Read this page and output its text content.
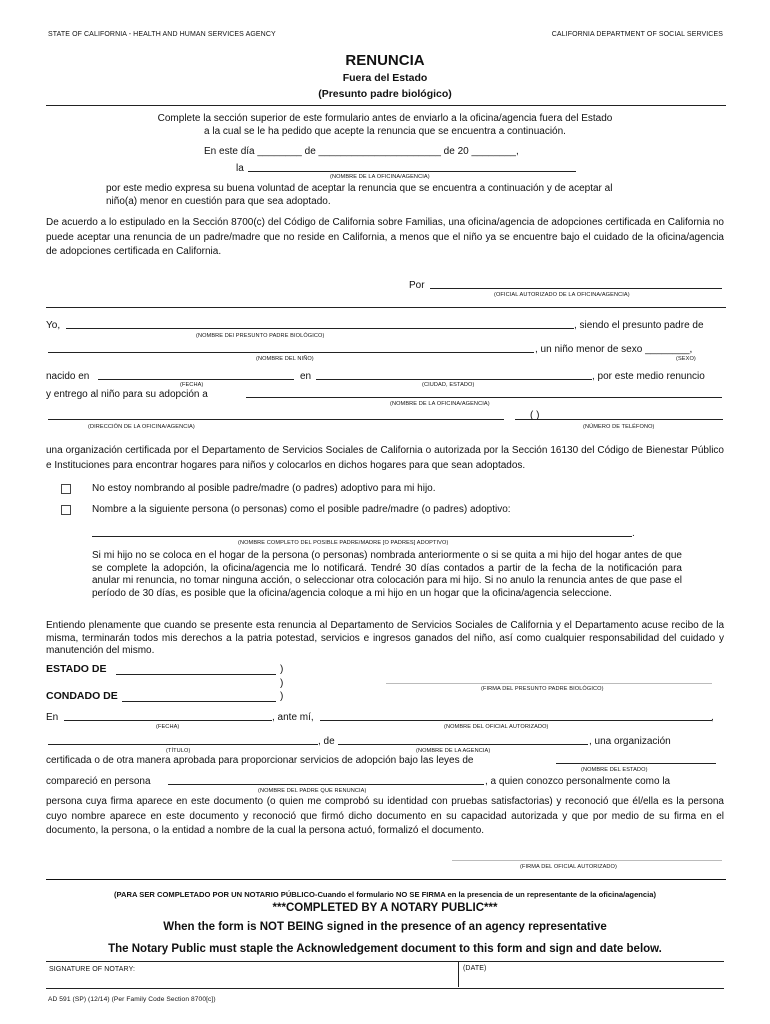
STATE OF CALIFORNIA - HEALTH AND HUMAN SERVICES AGENCY	CALIFORNIA DEPARTMENT OF SOCIAL SERVICES
RENUNCIA
Fuera del Estado
(Presunto padre biológico)
Complete la sección superior de este formulario antes de enviarlo a la oficina/agencia fuera del Estado
a la cual se le ha pedido que acepte la renuncia que se encuentra a continuación.
En este día ________ de ______________________ de 20 ________,
la
(NOMBRE DE LA OFICINA/AGENCIA)
por este medio expresa su buena voluntad de aceptar la renuncia que se encuentra a continuación y de aceptar al
niño(a) menor en cuestión para que sea adoptado.
De acuerdo a lo estipulado en la Sección 8700(c) del Código de California sobre Familias, una oficina/agencia de adopciones certificada en California no puede aceptar una renuncia de un padre/madre que no reside en California, a menos que el niño ya se encuentre bajo el cuidado de la oficina/agencia de adopciones certificada en California.
Por
(OFICIAL AUTORIZADO DE LA OFICINA/AGENCIA)
Yo,	, siendo el presunto padre de
(NOMBRE DEl PRESUNTO PADRE BIOLÓGICO)
, un niño menor de sexo ________,
(NOMBRE DEL NIÑO)	(SEXO)
nacido en	en	, por este medio renuncio
(FECHA)	(CIUDAD, ESTADO)
y entrego al niño para su adopción a
(NOMBRE DE LA OFICINA/AGENCIA)
( )
(DIRECCIÓN DE LA OFICINA/AGENCIA)	(NÚMERO DE TELÉFONO)
una organización certificada por el Departamento de Servicios Sociales de California o autorizada por la Sección 16130 del Código de Bienestar Público e Instituciones para encontrar hogares para niños y colocarlos en dichos hogares para que sean adoptados.
No estoy nombrando al posible padre/madre (o padres) adoptivo para mi hijo.
Nombre a la siguiente persona (o personas) como el posible padre/madre (o padres) adoptivo:
.
(NOMBRE COMPLETO DEL POSIBLE PADRE/MADRE [O PADRES] ADOPTIVO)
Si mi hijo no se coloca en el hogar de la persona (o personas) nombrada anteriormente o si se quita a mi hijo del hogar antes de que se complete la adopción, la oficina/agencia me lo notificará. Tendré 30 días contados a partir de la fecha de la notificación para anular mi renuncia, no tomar ninguna acción, o seleccionar otra colocación para mi hijo. Si no anulo la renuncia antes de que pase el período de 30 días, es posible que la oficina/agencia coloque a mi hijo en un hogar que la oficina/agencia seleccione.
Entiendo plenamente que cuando se presente esta renuncia al Departamento de Servicios Sociales de California y el Departamento acuse recibo de la misma, terminarán todos mis derechos a la patria potestad, servicios e ingresos ganados del niño, así como cualquier responsabilidad del cuidado y manutención del mismo.
ESTADO DE	)
)
CONDADO DE	)
(FIRMA DEL PRESUNTO PADRE BIOLÓGICO)
En	, ante mí,	,
(FECHA)	(NOMBRE DEL OFICIAL AUTORIZADO)
, de	, una organización
(TÍTULO)	(NOMBRE DE LA AGENCIA)
certificada o de otra manera aprobada para proporcionar servicios de adopción bajo las leyes de
(NOMBRE DEL ESTADO)
compareció en persona	, a quien conozco personalmente como la
(NOMBRE DEL PADRE QUE RENUNCIA)
persona cuya firma aparece en este documento (o quien me comprobó su identidad con pruebas satisfactorias) y reconoció que él/ella es la persona cuyo nombre aparece en este documento y reconoció que firmó dicho documento en su capacidad autorizada y que por medio de su firma en el documento, la persona, o la entidad a nombre de la cual la persona actuó, formalizó el documento.
(FIRMA DEL OFICIAL AUTORIZADO)
(PARA SER COMPLETADO POR UN NOTARIO PÚBLICO-Cuando el formulario NO SE FIRMA en la presencia de un representante de la oficina/agencia)
***COMPLETED BY A NOTARY PUBLIC***
When the form is NOT BEING signed in the presence of an agency representative
The Notary Public must staple the Acknowledgement document to this form and sign and date below.
SIGNATURE OF NOTARY:	(DATE)
AD 591 (SP) (12/14) (Per Family Code Section 8700[c])
